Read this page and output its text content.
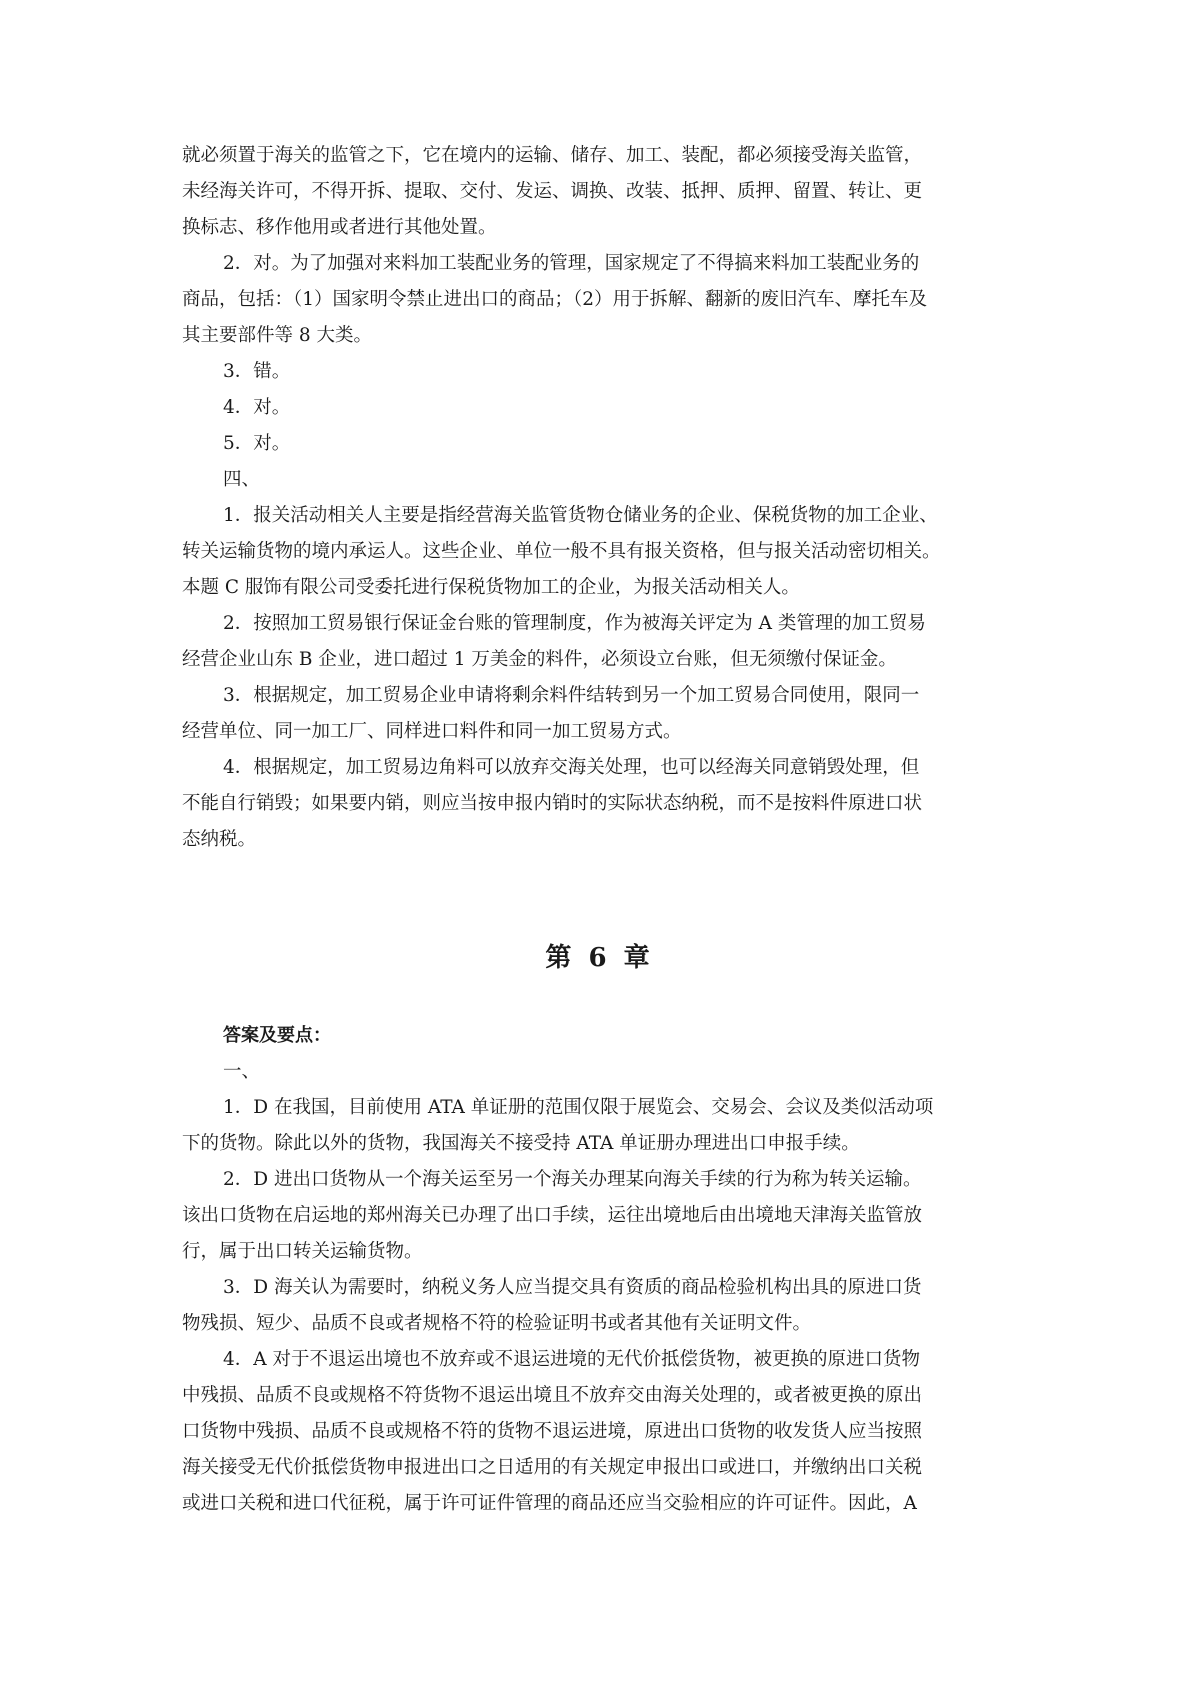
就必须置于海关的监管之下，它在境内的运输、储存、加工、装配，都必须接受海关监管，
未经海关许可，不得开拆、提取、交付、发运、调换、改装、抵押、质押、留置、转让、更
换标志、移作他用或者进行其他处置。
2．对。为了加强对来料加工装配业务的管理，国家规定了不得搞来料加工装配业务的
商品，包括：（1）国家明令禁止进出口的商品；（2）用于拆解、翻新的废旧汽车、摩托车及
其主要部件等 8 大类。
3．错。
4．对。
5．对。
四、
1．报关活动相关人主要是指经营海关监管货物仓储业务的企业、保税货物的加工企业、
转关运输货物的境内承运人。这些企业、单位一般不具有报关资格，但与报关活动密切相关。
本题 C 服饰有限公司受委托进行保税货物加工的企业，为报关活动相关人。
2．按照加工贸易银行保证金台账的管理制度，作为被海关评定为 A 类管理的加工贸易
经营企业山东 B 企业，进口超过 1 万美金的料件，必须设立台账，但无须缴付保证金。
3．根据规定，加工贸易企业申请将剩余料件结转到另一个加工贸易合同使用，限同一
经营单位、同一加工厂、同样进口料件和同一加工贸易方式。
4．根据规定，加工贸易边角料可以放弃交海关处理，也可以经海关同意销毁处理，但
不能自行销毁；如果要内销，则应当按申报内销时的实际状态纳税，而不是按料件原进口状
态纳税。
第 6 章
答案及要点：
一、
1．D 在我国，目前使用 ATA 单证册的范围仅限于展览会、交易会、会议及类似活动项
下的货物。除此以外的货物，我国海关不接受持 ATA 单证册办理进出口申报手续。
2．D 进出口货物从一个海关运至另一个海关办理某向海关手续的行为称为转关运输。
该出口货物在启运地的郑州海关已办理了出口手续，运往出境地后由出境地天津海关监管放
行，属于出口转关运输货物。
3．D 海关认为需要时，纳税义务人应当提交具有资质的商品检验机构出具的原进口货
物残损、短少、品质不良或者规格不符的检验证明书或者其他有关证明文件。
4．A 对于不退运出境也不放弃或不退运进境的无代价抵偿货物，被更换的原进口货物
中残损、品质不良或规格不符货物不退运出境且不放弃交由海关处理的，或者被更换的原出
口货物中残损、品质不良或规格不符的货物不退运进境，原进出口货物的收发货人应当按照
海关接受无代价抵偿货物申报进出口之日适用的有关规定申报出口或进口，并缴纳出口关税
或进口关税和进口代征税，属于许可证件管理的商品还应当交验相应的许可证件。因此，A
